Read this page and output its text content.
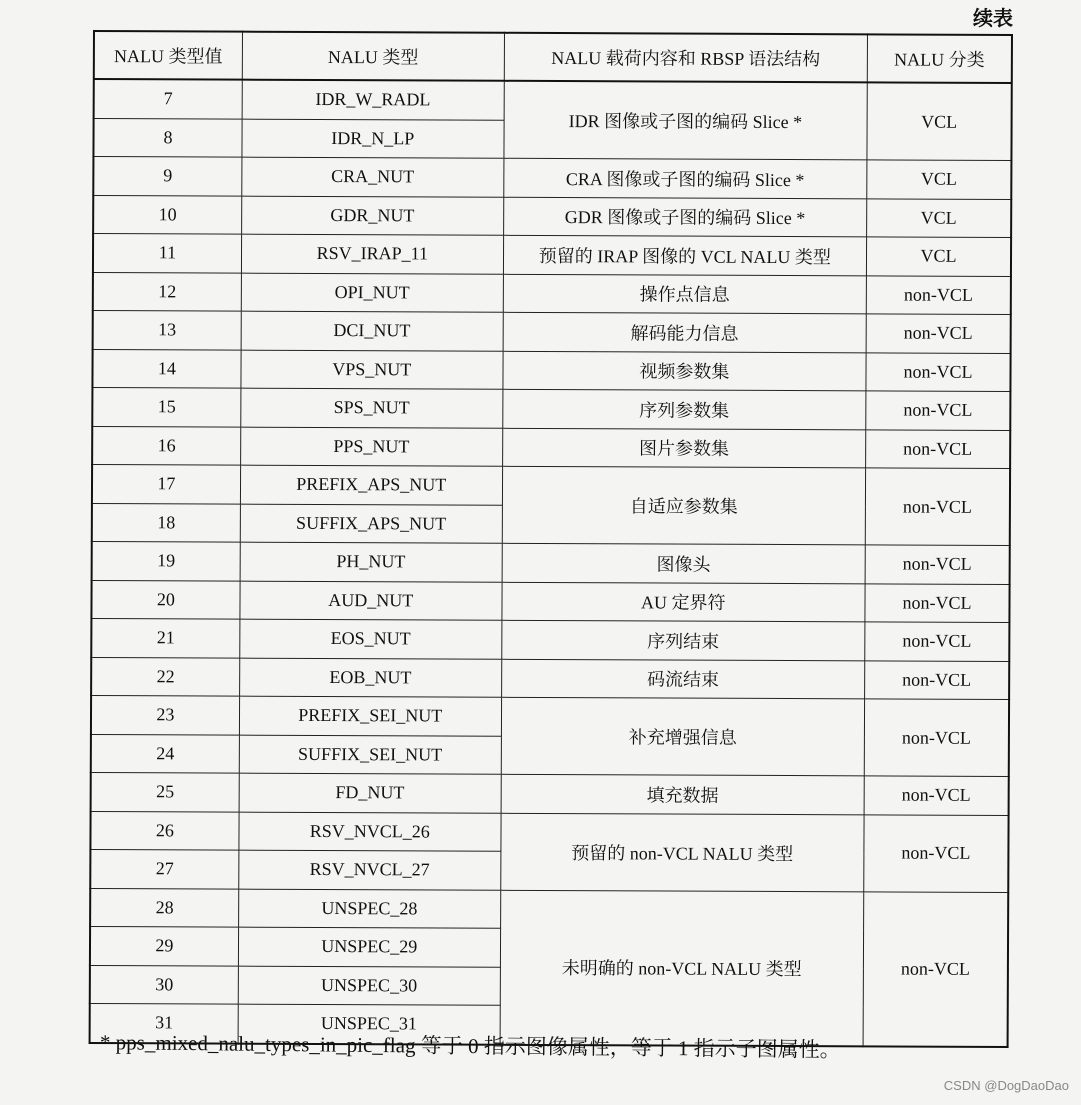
续表
NALU 类型值	NALU 类型	NALU 载荷内容和 RBSP 语法结构	NALU 分类
7	IDR_W_RADL	IDR 图像或子图的编码 Slice *	VCL
8	IDR_N_LP		
9	CRA_NUT	CRA 图像或子图的编码 Slice *	VCL
10	GDR_NUT	GDR 图像或子图的编码 Slice *	VCL
11	RSV_IRAP_11	预留的 IRAP 图像的 VCL NALU 类型	VCL
12	OPI_NUT	操作点信息	non-VCL
13	DCI_NUT	解码能力信息	non-VCL
14	VPS_NUT	视频参数集	non-VCL
15	SPS_NUT	序列参数集	non-VCL
16	PPS_NUT	图片参数集	non-VCL
17	PREFIX_APS_NUT	自适应参数集	non-VCL
18	SUFFIX_APS_NUT		
19	PH_NUT	图像头	non-VCL
20	AUD_NUT	AU 定界符	non-VCL
21	EOS_NUT	序列结束	non-VCL
22	EOB_NUT	码流结束	non-VCL
23	PREFIX_SEI_NUT	补充增强信息	non-VCL
24	SUFFIX_SEI_NUT		
25	FD_NUT	填充数据	non-VCL
26	RSV_NVCL_26	预留的 non-VCL NALU 类型	non-VCL
27	RSV_NVCL_27		
28	UNSPEC_28	未明确的 non-VCL NALU 类型	non-VCL
29	UNSPEC_29		
30	UNSPEC_30		
31	UNSPEC_31		
* pps_mixed_nalu_types_in_pic_flag 等于 0 指示图像属性，等于 1 指示子图属性。
CSDN @DogDaoDao
